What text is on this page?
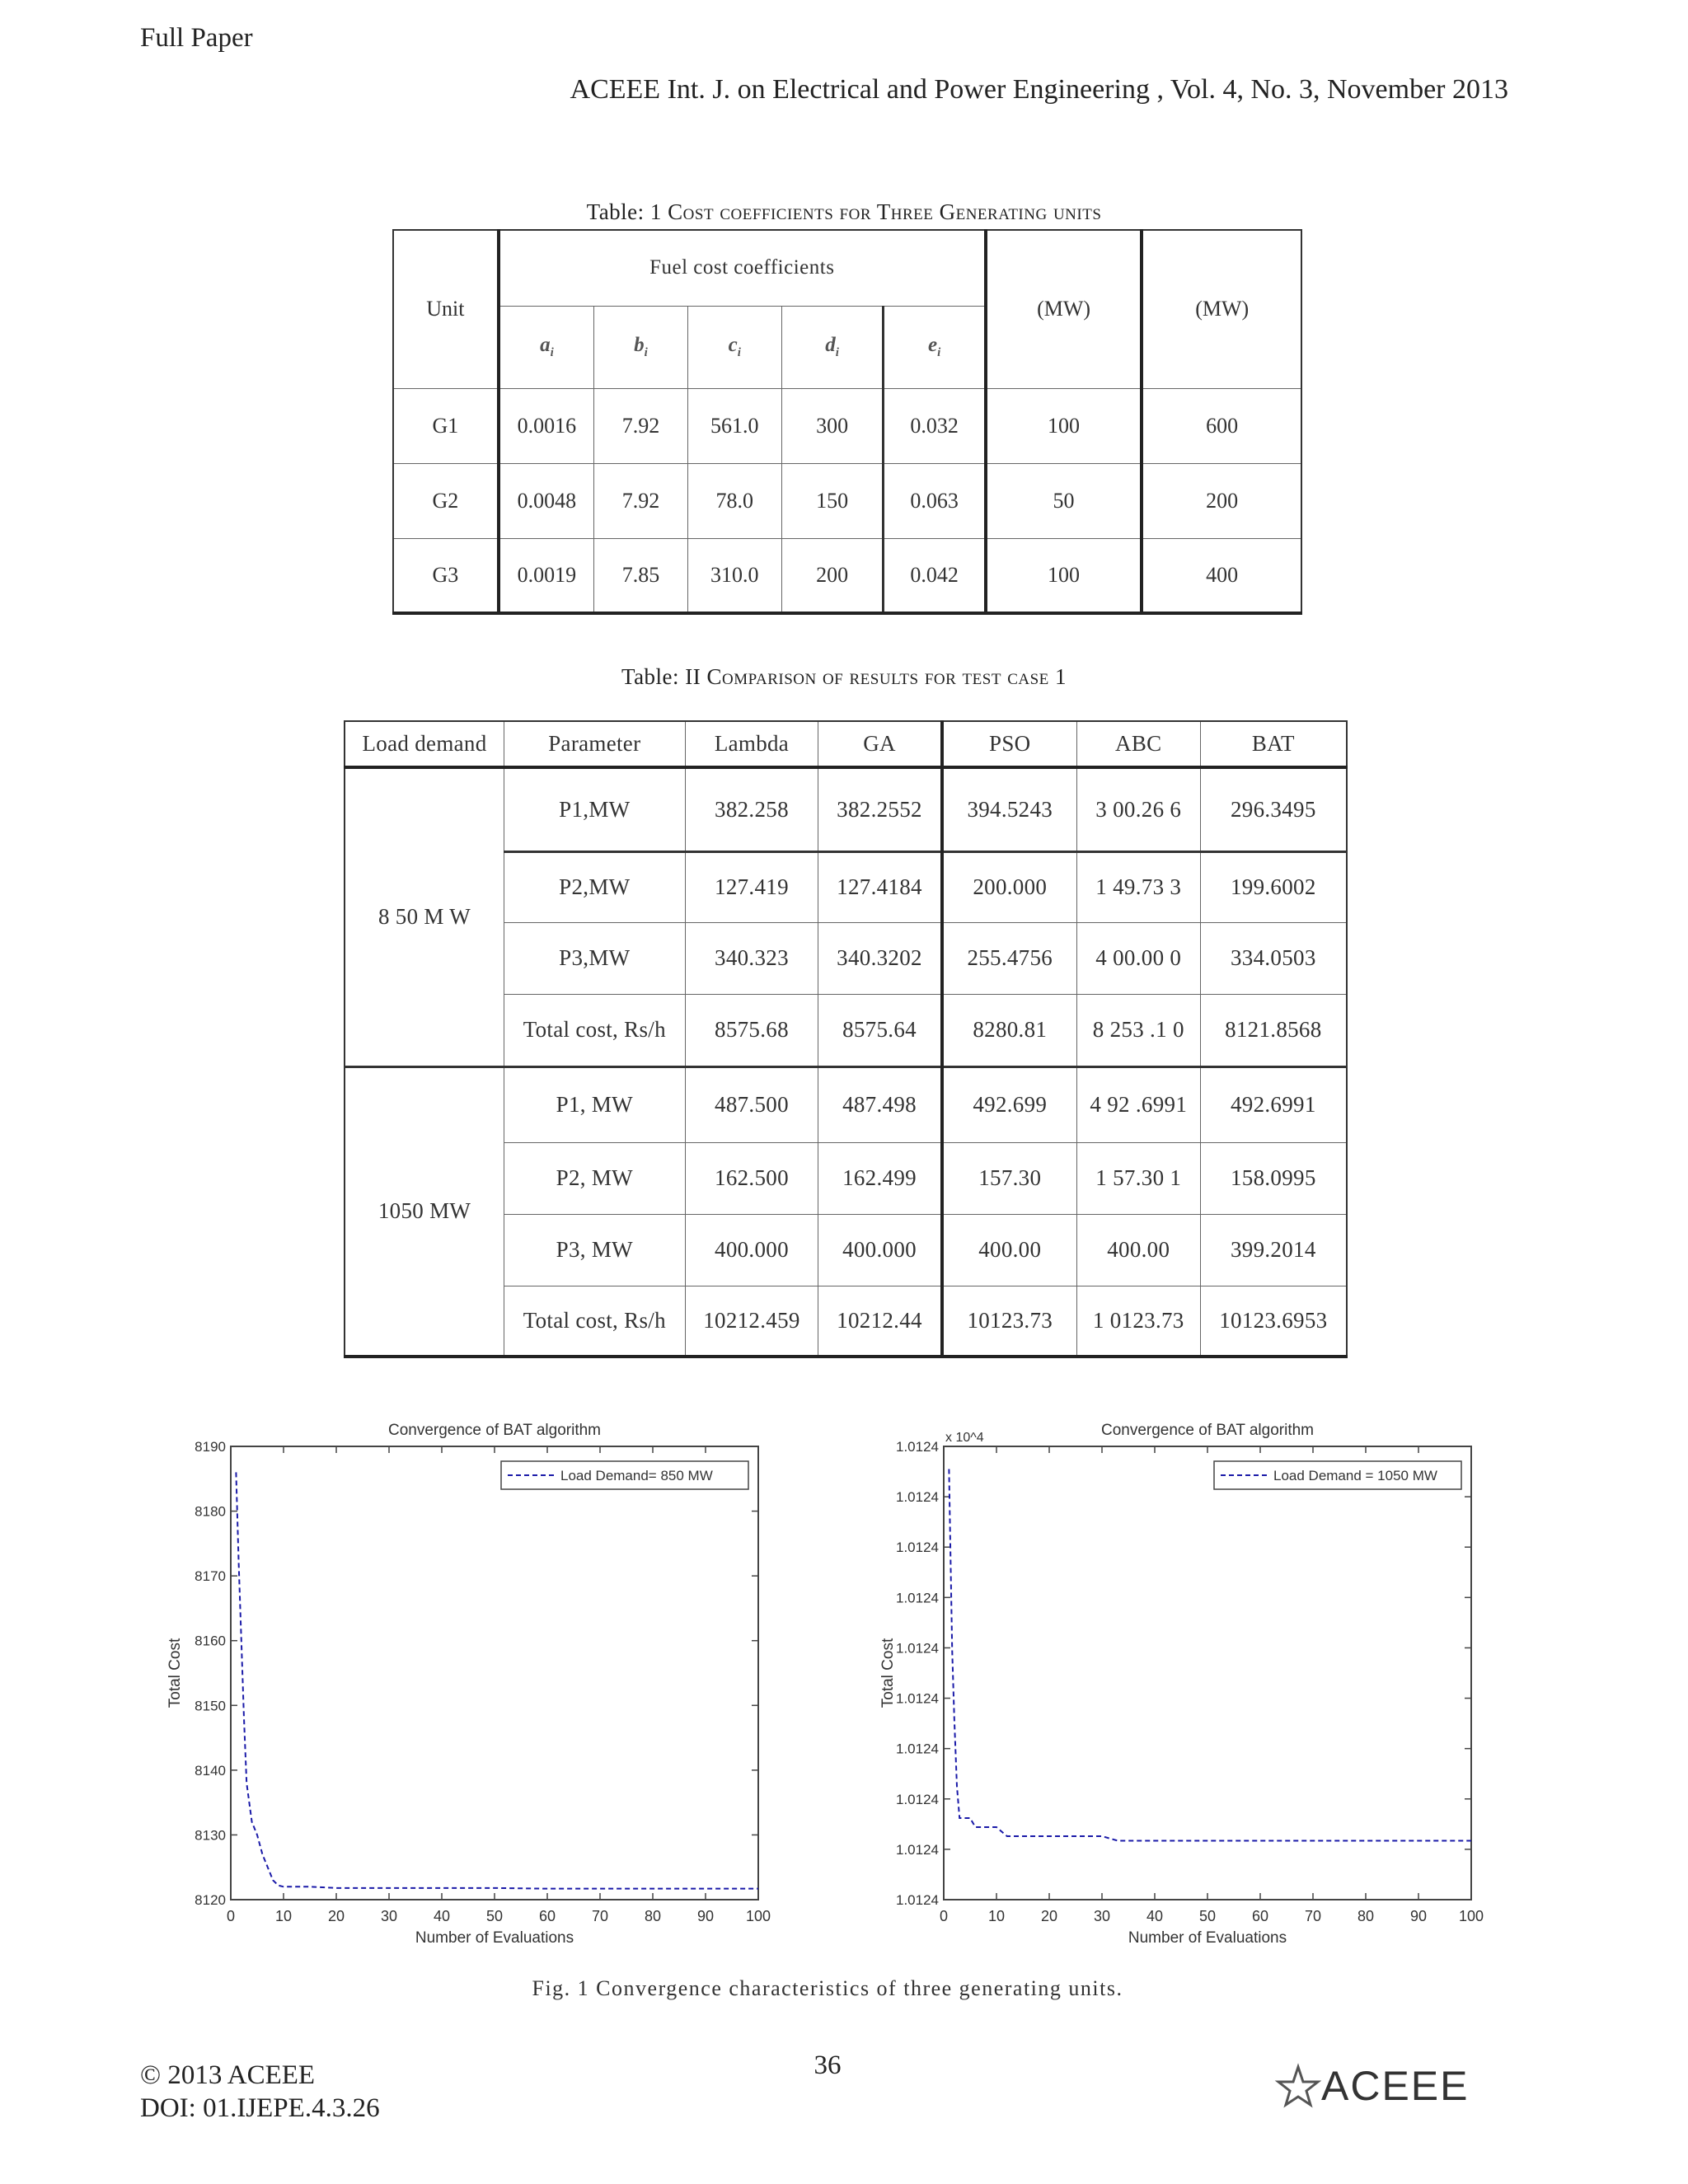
Full Paper
ACEEE Int. J. on Electrical and Power Engineering , Vol. 4, No. 3, November 2013
Table: 1 Cost coefficients for Three Generating units
Unit	Fuel cost coefficients					(MW)	(MW)
	$a_i$	$b_i$	$c_i$	$d_i$	$e_i$
G1	0.0016	7.92	561.0	300	0.032	100	600
G2	0.0048	7.92	78.0	150	0.063	50	200
G3	0.0019	7.85	310.0	200	0.042	100	400
Table: II Comparison of results for test case 1
Load demand	Parameter	Lambda	GA	PSO	ABC	BAT
8 50 M W	P1,MW	382.258	382.2552	394.5243	3 00.26 6	296.3495
	P2,MW	127.419	127.4184	200.000	1 49.73 3	199.6002
	P3,MW	340.323	340.3202	255.4756	4 00.00 0	334.0503
	Total cost, Rs/h	8575.68	8575.64	8280.81	8 253 .1 0	8121.8568
1050 MW	P1, MW	487.500	487.498	492.699	4 92 .6991	492.6991
	P2, MW	162.500	162.499	157.30	1 57.30 1	158.0995
	P3, MW	400.000	400.000	400.00	400.00	399.2014
	Total cost, Rs/h	10212.459	10212.44	10123.73	1 0123.73	10123.6953
Convergence of BAT algorithm
0	10 20 30 40 50 60 70 80 90 100
8120
8130
8140
8150
8160
8170
8180
8190
Number of Evaluations
Total Cost
Load Demand= 850 MW
Convergence of BAT algorithm
0	10 20 30 40 50 60 70 80 90 100
1.0124
1.0124
1.0124
1.0124
1.0124
1.0124
1.0124
1.0124
1.0124
1.0124
Number of Evaluations
Total Cost
x 10^4
Load Demand = 1050 MW
Fig. 1 Convergence characteristics of three generating units.
© 2013 ACEEE
DOI: 01.IJEPE.4.3.26
36	ACEEE
